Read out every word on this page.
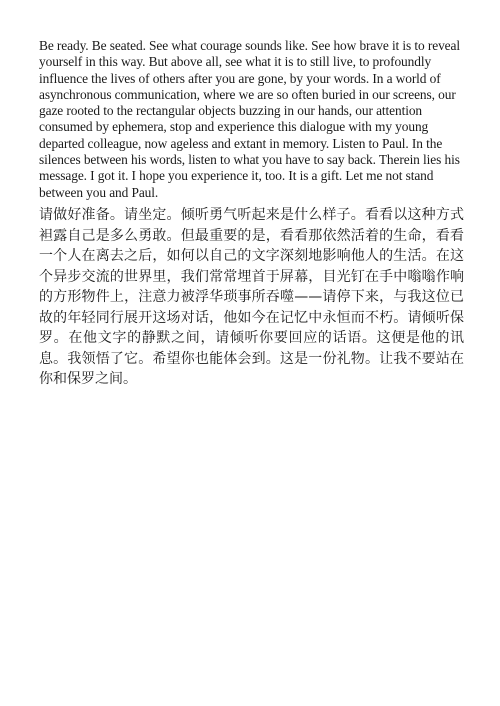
Be ready. Be seated. See what courage sounds like. See how brave it is to reveal yourself in this way. But above all, see what it is to still live, to profoundly influence the lives of others after you are gone, by your words. In a world of asynchronous communication, where we are so often buried in our screens, our gaze rooted to the rectangular objects buzzing in our hands, our attention consumed by ephemera, stop and experience this dialogue with my young departed colleague, now ageless and extant in memory. Listen to Paul. In the silences between his words, listen to what you have to say back. Therein lies his message. I got it. I hope you experience it, too. It is a gift. Let me not stand between you and Paul.

请做好准备。请坐定。倾听勇气听起来是什么样子。看看以这种方式袒露自己是多么勇敢。但最重要的是，看看那依然活着的生命，看看一个人在离去之后，如何以自己的文字深刻地影响他人的生活。在这个异步交流的世界里，我们常常埋首于屏幕，目光钉在手中嗡嗡作响的方形物件上，注意力被浮华琐事所吞噬——请停下来，与我这位已故的年轻同行展开这场对话，他如今在记忆中永恒而不朽。请倾听保罗。在他文字的静默之间，请倾听你要回应的话语。这便是他的讯息。我领悟了它。希望你也能体会到。这是一份礼物。让我不要站在你和保罗之间。
